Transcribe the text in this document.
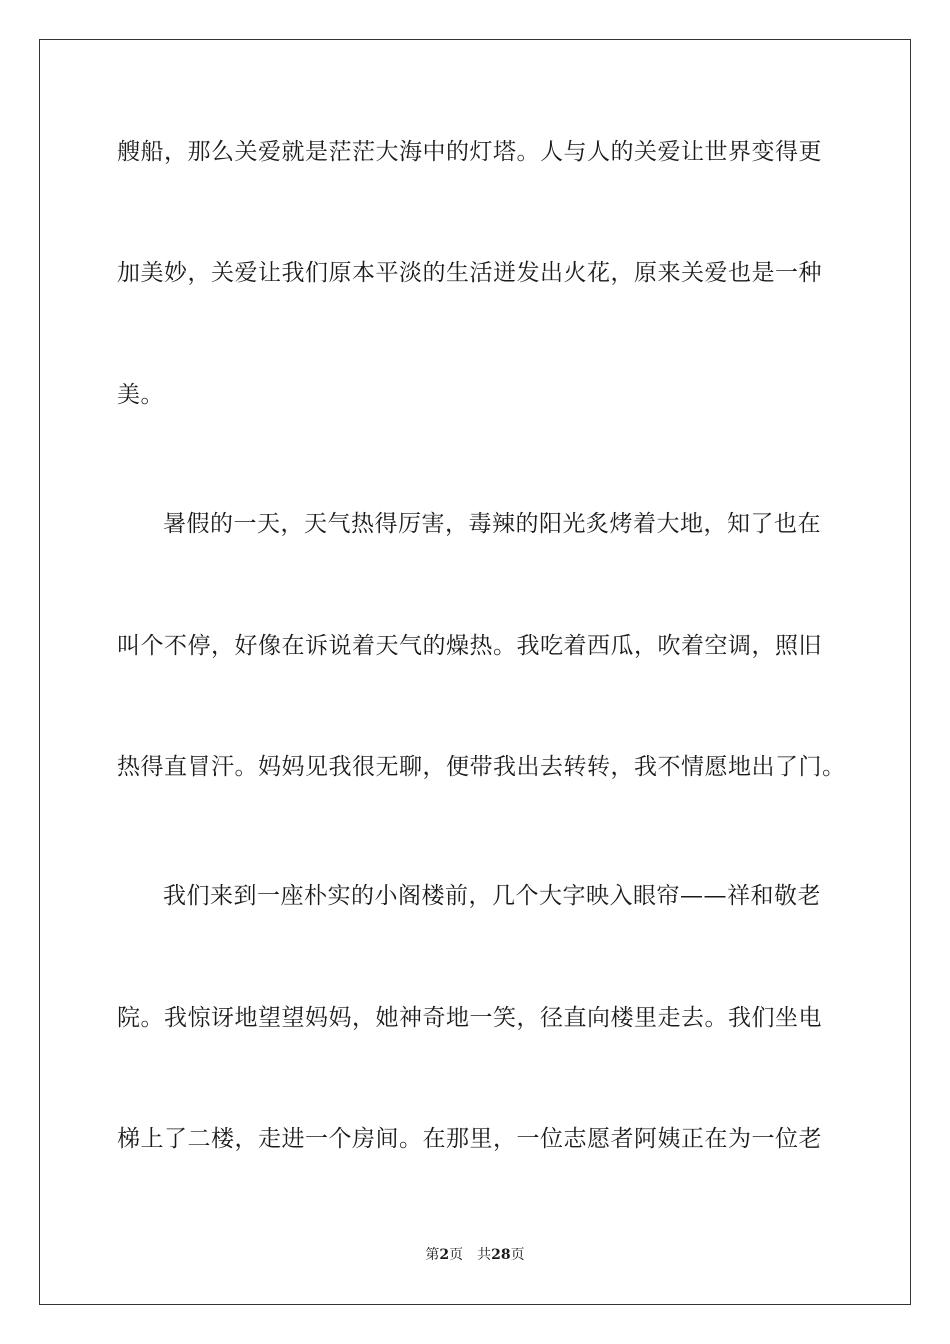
艘船，那么关爱就是茫茫大海中的灯塔。人与人的关爱让世界变得更
加美妙，关爱让我们原本平淡的生活迸发出火花，原来关爱也是一种
美。
暑假的一天，天气热得厉害，毒辣的阳光炙烤着大地，知了也在
叫个不停，好像在诉说着天气的燥热。我吃着西瓜，吹着空调，照旧
热得直冒汗。妈妈见我很无聊，便带我出去转转，我不情愿地出了门。
我们来到一座朴实的小阁楼前，几个大字映入眼帘——祥和敬老
院。我惊讶地望望妈妈，她神奇地一笑，径直向楼里走去。我们坐电
梯上了二楼，走进一个房间。在那里，一位志愿者阿姨正在为一位老
第2页 共28页
